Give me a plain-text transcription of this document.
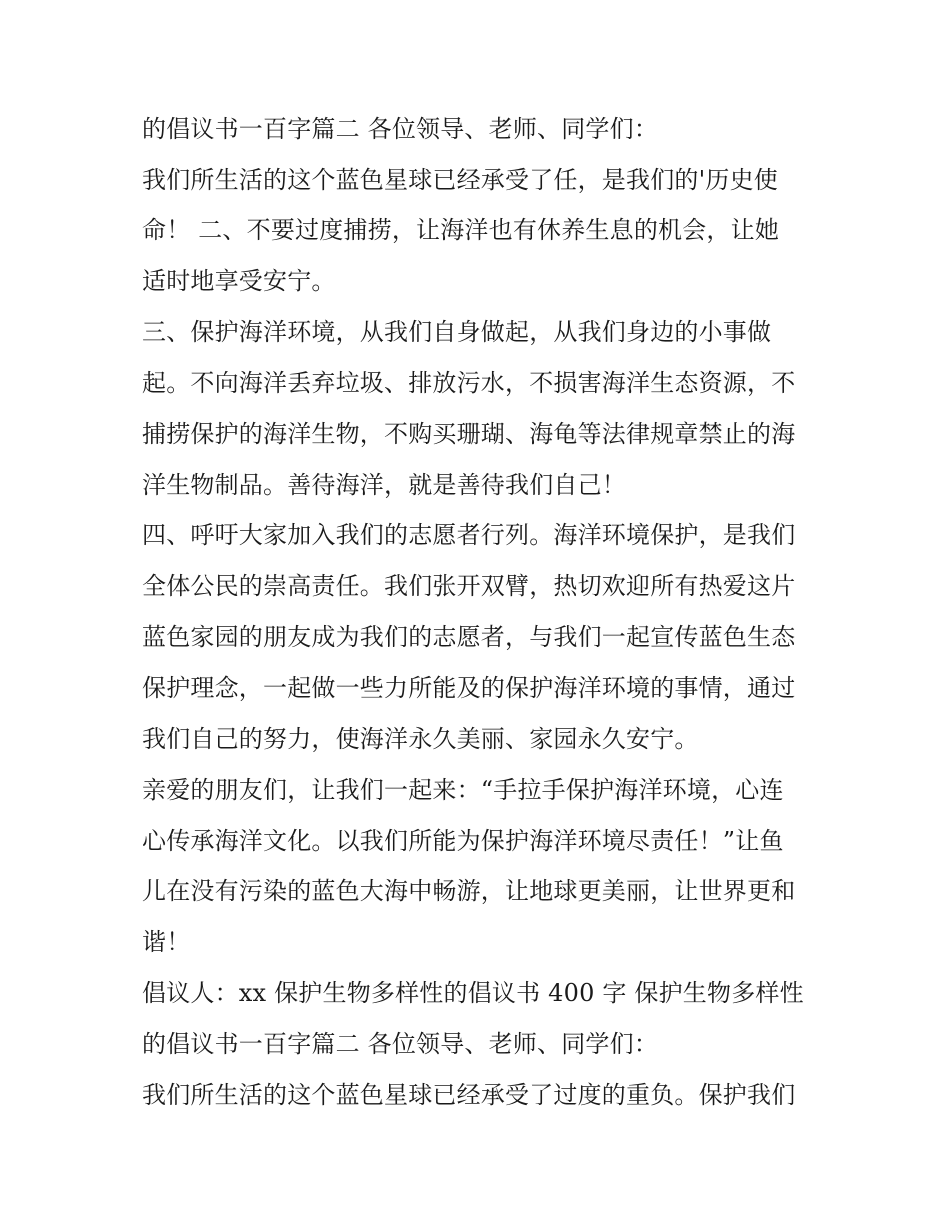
的倡议书一百字篇二 各位领导、老师、同学们：
我们所生活的这个蓝色星球已经承受了任，是我们的'历史使
命！ 二、不要过度捕捞，让海洋也有休养生息的机会，让她
适时地享受安宁。
三、保护海洋环境，从我们自身做起，从我们身边的小事做
起。不向海洋丢弃垃圾、排放污水，不损害海洋生态资源，不
捕捞保护的海洋生物，不购买珊瑚、海龟等法律规章禁止的海
洋生物制品。善待海洋，就是善待我们自己！
四、呼吁大家加入我们的志愿者行列。海洋环境保护，是我们
全体公民的崇高责任。我们张开双臂，热切欢迎所有热爱这片
蓝色家园的朋友成为我们的志愿者，与我们一起宣传蓝色生态
保护理念，一起做一些力所能及的保护海洋环境的事情，通过
我们自己的努力，使海洋永久美丽、家园永久安宁。
亲爱的朋友们，让我们一起来：“手拉手保护海洋环境，心连
心传承海洋文化。以我们所能为保护海洋环境尽责任！”让鱼
儿在没有污染的蓝色大海中畅游，让地球更美丽，让世界更和
谐！
倡议人：xx 保护生物多样性的倡议书 400 字 保护生物多样性
的倡议书一百字篇二 各位领导、老师、同学们：
我们所生活的这个蓝色星球已经承受了过度的重负。保护我们
